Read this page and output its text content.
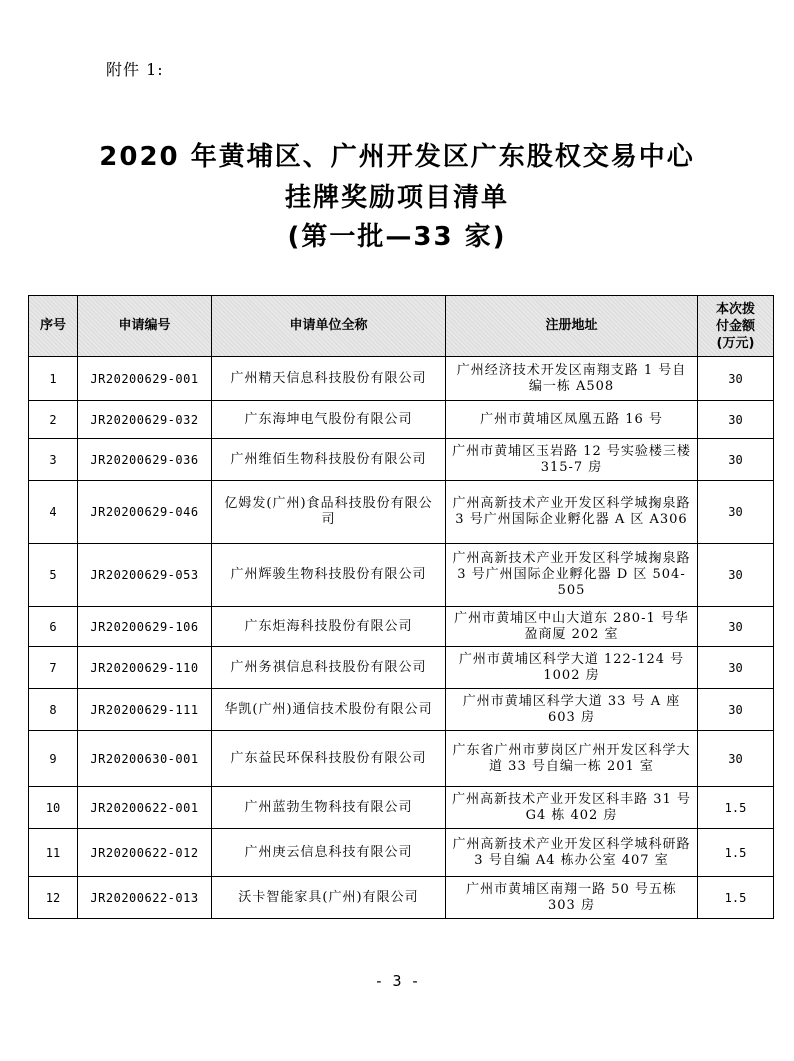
附件 1:
2020 年黄埔区、广州开发区广东股权交易中心
挂牌奖励项目清单
(第一批—33 家)
序号	申请编号	申请单位全称	注册地址	本次拨
付金额
(万元)

1	JR20200629-001	广州精天信息科技股份有限公司	广州经济技术开发区南翔支路 1 号自编一栋 A508	30
2	JR20200629-032	广东海坤电气股份有限公司	广州市黄埔区凤凰五路 16 号	30
3	JR20200629-036	广州维佰生物科技股份有限公司	广州市黄埔区玉岩路 12 号实验楼三楼 315-7 房	30
4	JR20200629-046	亿姆发(广州)食品科技股份有限公司	广州高新技术产业开发区科学城掬泉路 3 号广州国际企业孵化器 A 区 A306	30
5	JR20200629-053	广州辉骏生物科技股份有限公司	广州高新技术产业开发区科学城掬泉路 3 号广州国际企业孵化器 D 区 504-505	30
6	JR20200629-106	广东炬海科技股份有限公司	广州市黄埔区中山大道东 280-1 号华盈商厦 202 室	30
7	JR20200629-110	广州务祺信息科技股份有限公司	广州市黄埔区科学大道 122-124 号 1002 房	30
8	JR20200629-111	华凯(广州)通信技术股份有限公司	广州市黄埔区科学大道 33 号 A 座 603 房	30
9	JR20200630-001	广东益民环保科技股份有限公司	广东省广州市萝岗区广州开发区科学大道 33 号自编一栋 201 室	30
10	JR20200622-001	广州蓝勃生物科技有限公司	广州高新技术产业开发区科丰路 31 号 G4 栋 402 房	1.5
11	JR20200622-012	广州庚云信息科技有限公司	广州高新技术产业开发区科学城科研路 3 号自编 A4 栋办公室 407 室	1.5
12	JR20200622-013	沃卡智能家具(广州)有限公司	广州市黄埔区南翔一路 50 号五栋 303 房	1.5
- 3 -
